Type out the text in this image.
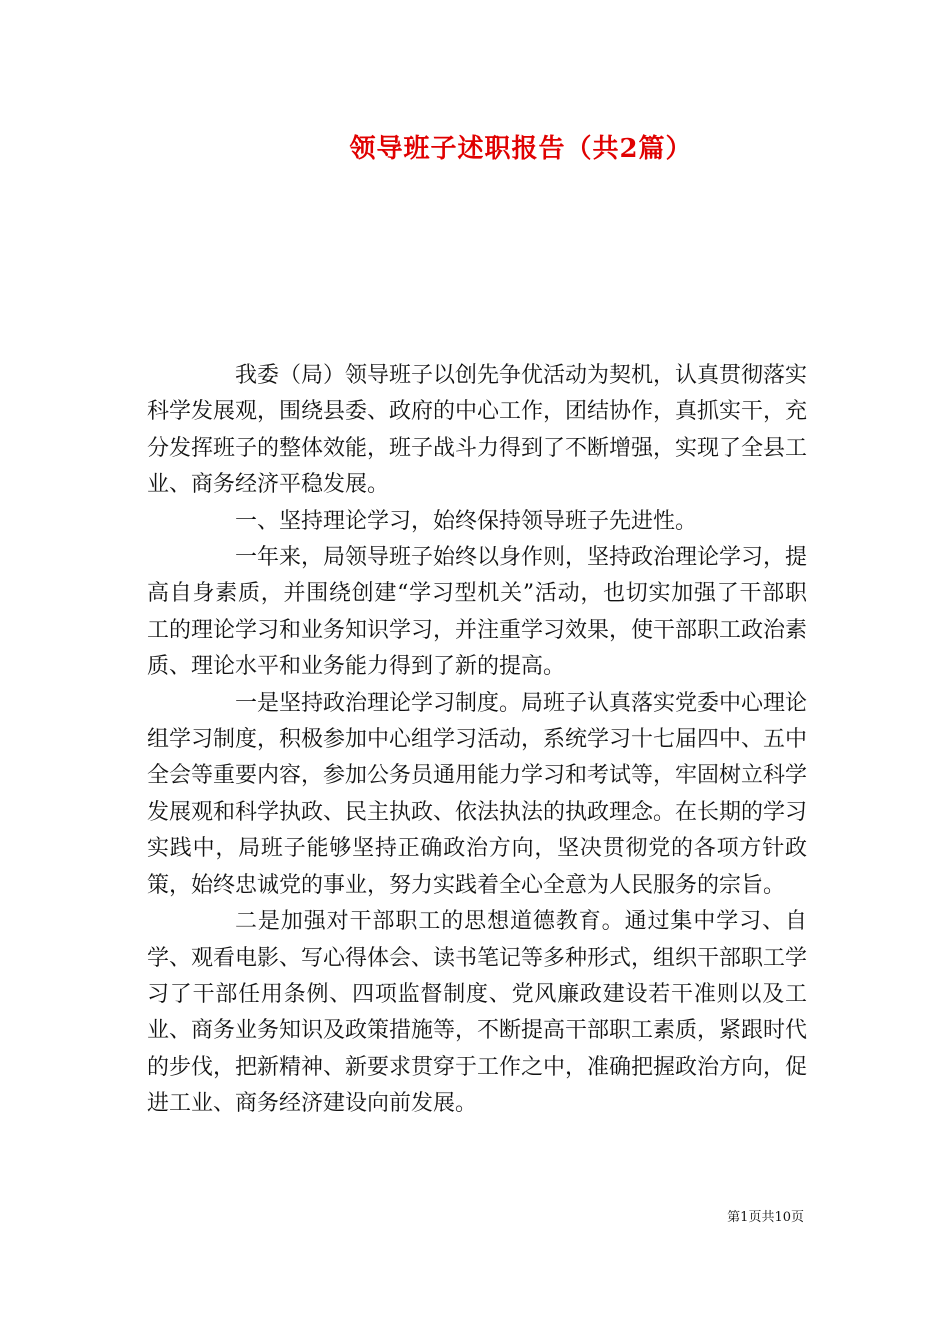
领导班子述职报告（共2篇）

我委（局）领导班子以创先争优活动为契机，认真贯彻落实科学发展观，围绕县委、政府的中心工作，团结协作，真抓实干，充分发挥班子的整体效能，班子战斗力得到了不断增强，实现了全县工业、商务经济平稳发展。

一、坚持理论学习，始终保持领导班子先进性。

一年来，局领导班子始终以身作则，坚持政治理论学习，提高自身素质，并围绕创建“学习型机关”活动，也切实加强了干部职工的理论学习和业务知识学习，并注重学习效果，使干部职工政治素质、理论水平和业务能力得到了新的提高。

一是坚持政治理论学习制度。局班子认真落实党委中心理论组学习制度，积极参加中心组学习活动，系统学习十七届四中、五中全会等重要内容，参加公务员通用能力学习和考试等，牢固树立科学发展观和科学执政、民主执政、依法执法的执政理念。在长期的学习实践中，局班子能够坚持正确政治方向，坚决贯彻党的各项方针政策，始终忠诚党的事业，努力实践着全心全意为人民服务的宗旨。

二是加强对干部职工的思想道德教育。通过集中学习、自学、观看电影、写心得体会、读书笔记等多种形式，组织干部职工学习了干部任用条例、四项监督制度、党风廉政建设若干准则以及工业、商务业务知识及政策措施等，不断提高干部职工素质，紧跟时代的步伐，把新精神、新要求贯穿于工作之中，准确把握政治方向，促进工业、商务经济建设向前发展。

第1页共10页
